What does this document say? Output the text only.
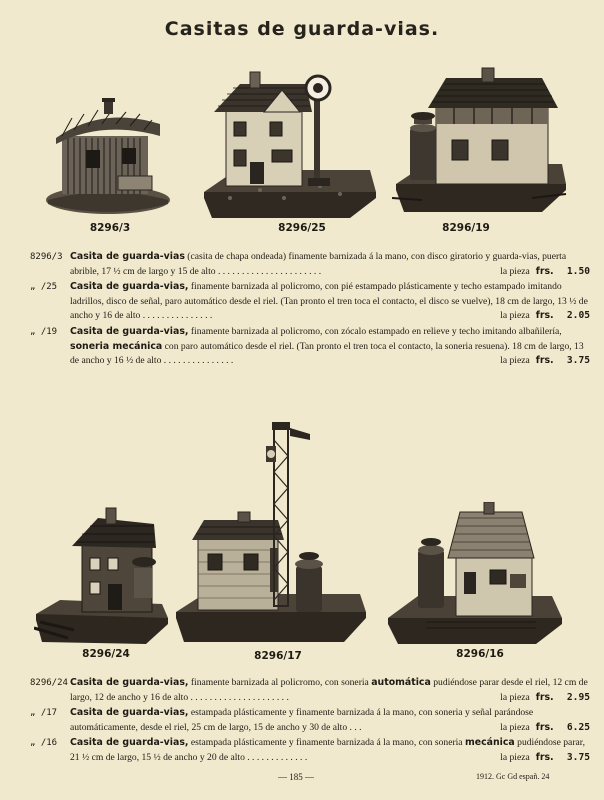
Casitas de guarda-vias.
8296/3	8296/25	8296/19
8296/3 Casita de guarda-vias (casita de chapa ondeada) finamente barnizada á la mano, con disco giratorio y guarda-vias, puerta abrible, 17 ½ cm de largo y 15 de alto . . . . . . . . . . . . . . . . . . . . . .	la pieza frs. 1.50
„ /25	Casita de guarda-vias, finamente barnizada al policromo, con pié estampado plásticamente y techo estampado imitando ladrillos, disco de señal, paro automático desde el riel. (Tan pronto el tren toca el contacto, el disco se vuelve), 18 cm de largo, 13 ½ de ancho y 16 de alto . . . . . . . . . . . . . . .	la pieza frs. 2.05
„ /19	Casita de guarda-vias, finamente barnizada al policromo, con zócalo estampado en relieve y techo imitando albañilería, soneria mecánica con paro automático desde el riel. (Tan pronto el tren toca el contacto, la soneria resuena). 18 cm de largo, 13 de ancho y 16 ½ de alto . . . . . . . . . . . . . . .	la pieza frs. 3.75
8296/24	8296/17	8296/16
8296/24 Casita de guarda-vias, finamente barnizada al policromo, con soneria automática pudiéndose parar desde el riel, 12 cm de largo, 12 de ancho y 16 de alto . . . . . . . . . . . . . . . . . . . . .	la pieza frs. 2.95
„ /17	Casita de guarda-vias, estampada plásticamente y finamente barnizada á la mano, con soneria y señal parándose automáticamente, desde el riel, 25 cm de largo, 15 de ancho y 30 de alto . . .	la pieza frs. 6.25
„ /16	Casita de guarda-vias, estampada plásticamente y finamente barnizada á la mano, con soneria mecánica pudiéndose parar, 21 ½ cm de largo, 15 ½ de ancho y 20 de alto . . . . . . . . . . . . .	la pieza frs. 3.75
— 185 —	1912. Gc Gd españ. 24
